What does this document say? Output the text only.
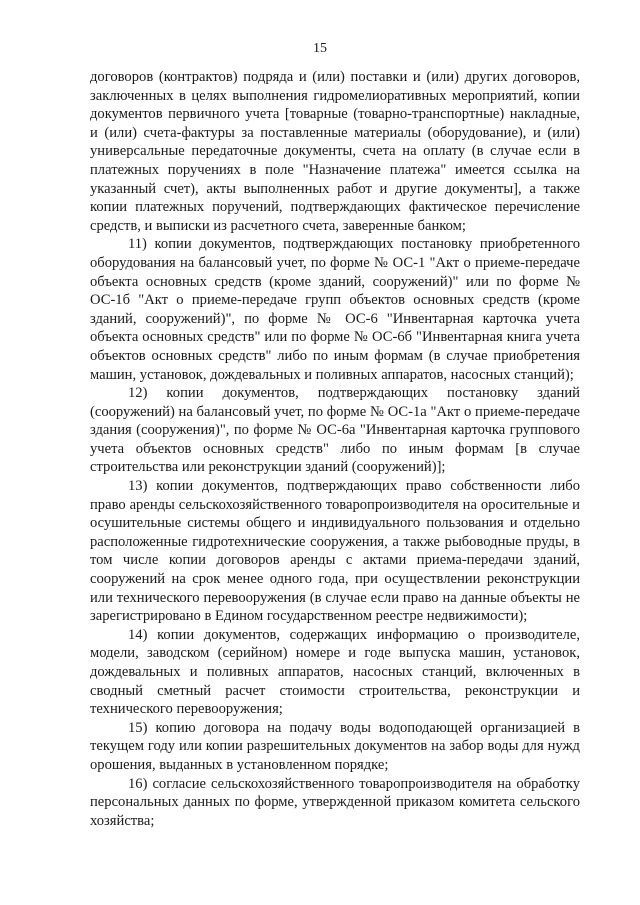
15

договоров (контрактов) подряда и (или) поставки и (или) других договоров, заключенных в целях выполнения гидромелиоративных мероприятий, копии документов первичного учета [товарные (товарно-транспортные) накладные, и (или) счета-фактуры за поставленные материалы (оборудование), и (или) универсальные передаточные документы, счета на оплату (в случае если в платежных поручениях в поле "Назначение платежа" имеется ссылка на указанный счет), акты выполненных работ и другие документы], а также копии платежных поручений, подтверждающих фактическое перечисление средств, и выписки из расчетного счета, заверенные банком;

11) копии документов, подтверждающих постановку приобретенного оборудования на балансовый учет, по форме № ОС-1 "Акт о приеме-передаче объекта основных средств (кроме зданий, сооружений)" или по форме № ОС-1б "Акт о приеме-передаче групп объектов основных средств (кроме зданий, сооружений)", по форме № ОС-6 "Инвентарная карточка учета объекта основных средств" или по форме № ОС-6б "Инвентарная книга учета объектов основных средств" либо по иным формам (в случае приобретения машин, установок, дождевальных и поливных аппаратов, насосных станций);

12) копии документов, подтверждающих постановку зданий (сооружений) на балансовый учет, по форме № ОС-1а "Акт о приеме-передаче здания (сооружения)", по форме № ОС-6а "Инвентарная карточка группового учета объектов основных средств" либо по иным формам [в случае строительства или реконструкции зданий (сооружений)];

13) копии документов, подтверждающих право собственности либо право аренды сельскохозяйственного товаропроизводителя на оросительные и осушительные системы общего и индивидуального пользования и отдельно расположенные гидротехнические сооружения, а также рыбоводные пруды, в том числе копии договоров аренды с актами приема-передачи зданий, сооружений на срок менее одного года, при осуществлении реконструкции или технического перевооружения (в случае если право на данные объекты не зарегистрировано в Едином государственном реестре недвижимости);

14) копии документов, содержащих информацию о производителе, модели, заводском (серийном) номере и годе выпуска машин, установок, дождевальных и поливных аппаратов, насосных станций, включенных в сводный сметный расчет стоимости строительства, реконструкции и технического перевооружения;

15) копию договора на подачу воды водоподающей организацией в текущем году или копии разрешительных документов на забор воды для нужд орошения, выданных в установленном порядке;

16) согласие сельскохозяйственного товаропроизводителя на обработку персональных данных по форме, утвержденной приказом комитета сельского хозяйства;
